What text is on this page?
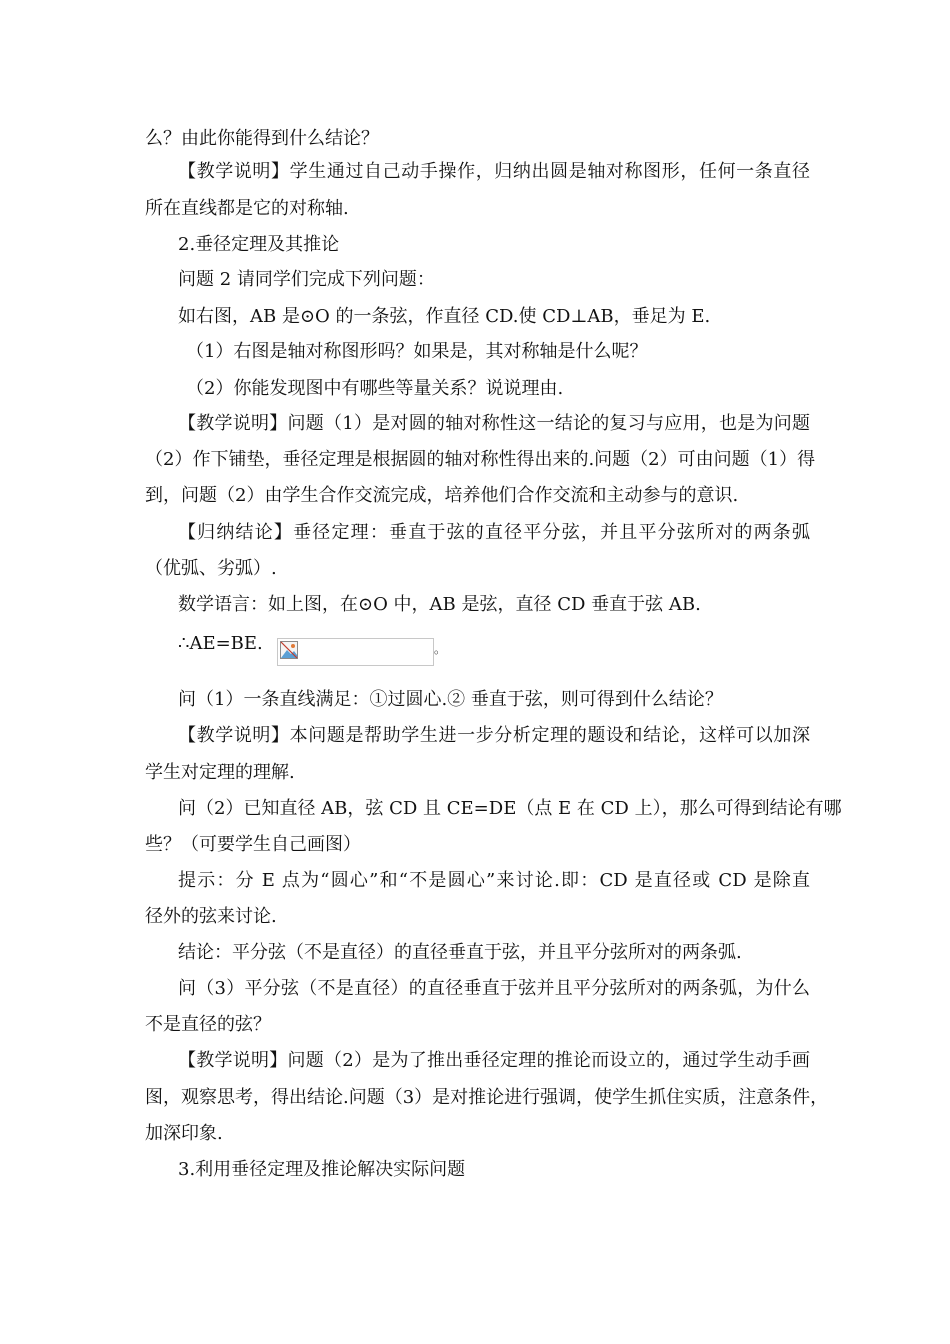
么？由此你能得到什么结论？
【教学说明】学生通过自己动手操作，归纳出圆是轴对称图形，任何一条直径
所在直线都是它的对称轴.
2.垂径定理及其推论
问题 2 请同学们完成下列问题：
如右图，AB 是⊙O 的一条弦，作直径 CD.使 CD⊥AB，垂足为 E.
（1）右图是轴对称图形吗？如果是，其对称轴是什么呢？
（2）你能发现图中有哪些等量关系？说说理由.
【教学说明】问题（1）是对圆的轴对称性这一结论的复习与应用，也是为问题
（2）作下铺垫，垂径定理是根据圆的轴对称性得出来的.问题（2）可由问题（1）得
到，问题（2）由学生合作交流完成，培养他们合作交流和主动参与的意识.
【归纳结论】垂径定理：垂直于弦的直径平分弦，并且平分弦所对的两条弧
（优弧、劣弧）.
数学语言：如上图，在⊙O 中，AB 是弦，直径 CD 垂直于弦 AB.
∴AE=BE.	。
问（1）一条直线满足：①过圆心.② 垂直于弦，则可得到什么结论？
【教学说明】本问题是帮助学生进一步分析定理的题设和结论，这样可以加深
学生对定理的理解.
问（2）已知直径 AB，弦 CD 且 CE=DE（点 E 在 CD 上），那么可得到结论有哪
些？（可要学生自己画图）
提示：分 E 点为“圆心”和“不是圆心”来讨论.即：CD 是直径或 CD 是除直
径外的弦来讨论.
结论：平分弦（不是直径）的直径垂直于弦，并且平分弦所对的两条弧.
问（3）平分弦（不是直径）的直径垂直于弦并且平分弦所对的两条弧，为什么
不是直径的弦？
【教学说明】问题（2）是为了推出垂径定理的推论而设立的，通过学生动手画
图，观察思考，得出结论.问题（3）是对推论进行强调，使学生抓住实质，注意条件，
加深印象.
3.利用垂径定理及推论解决实际问题
